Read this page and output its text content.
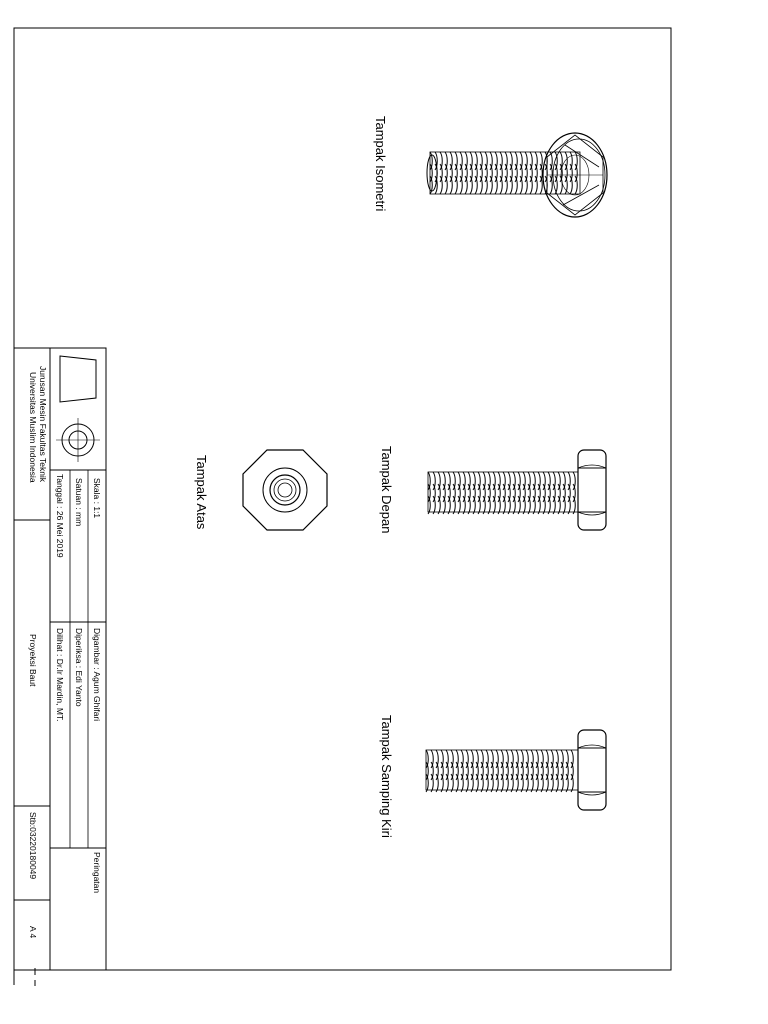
Tampak Isometri
Tampak Depan
Tampak Samping Kiri
Tampak Atas
Jurusan Mesin Fakultas Teknik
Universitas Muslim Indonesia
Skala : 1:1
Satuan : mm
Tanggal : 26 Mei 2019
Digambar : Agum Ghifari
Diperiksa : Edi Yanto
Dilihat : Dr.Ir Mardin, MT.
Proyeksi Baut
Peringatan
Stb:03220180049
A 4
